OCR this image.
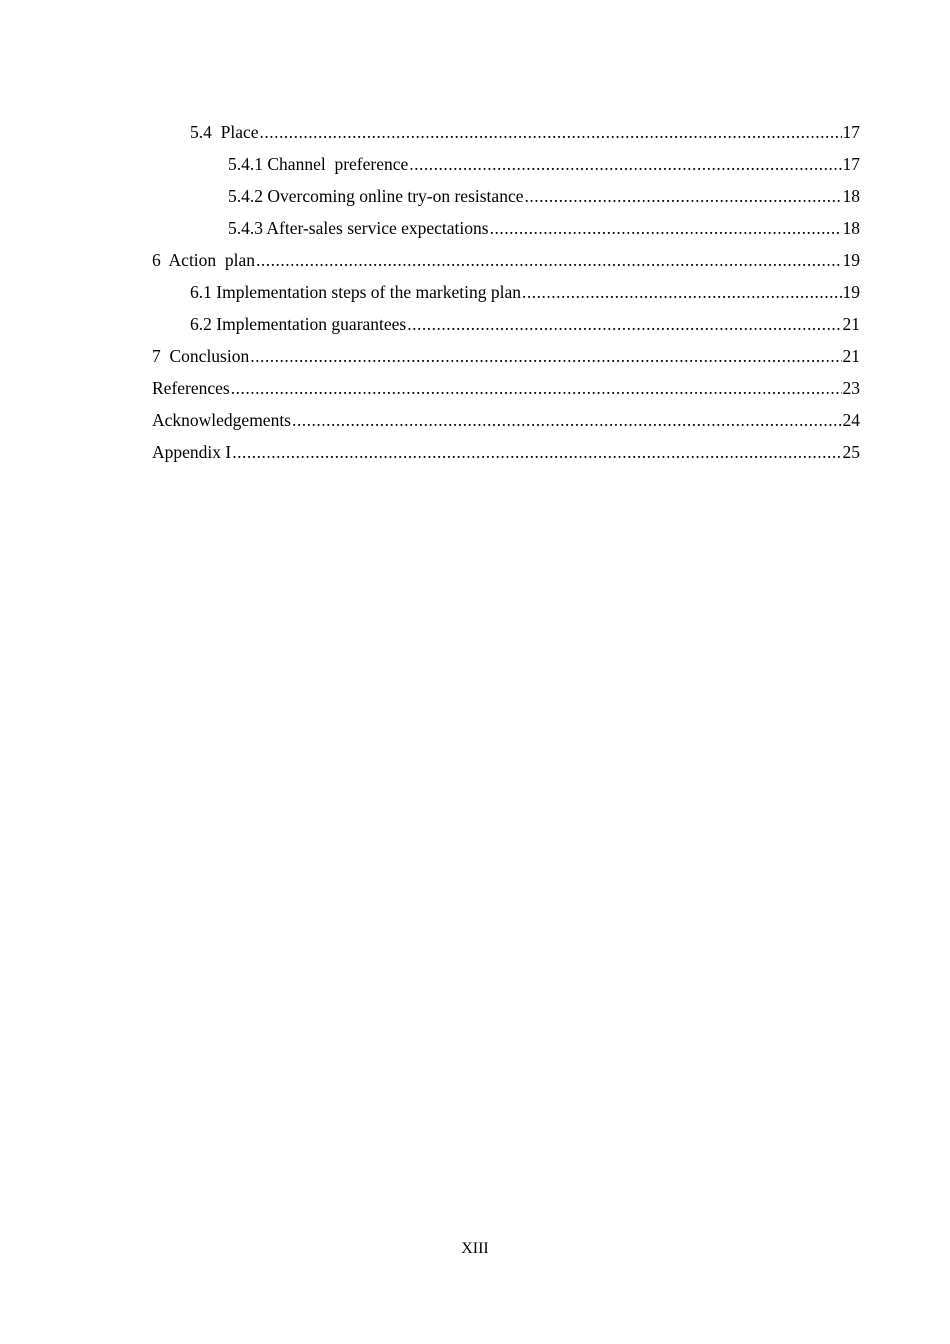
5.4  Place .....	17
5.4.1 Channel  preference .....	17
5.4.2 Overcoming online try-on resistance .....	18
5.4.3 After-sales service expectations .....	18
6  Action  plan .....	19
6.1 Implementation steps of the marketing plan .....	19
6.2 Implementation guarantees .....	21
7  Conclusion .....	21
References .....	23
Acknowledgements .....	24
Appendix I .....	25
XIII
